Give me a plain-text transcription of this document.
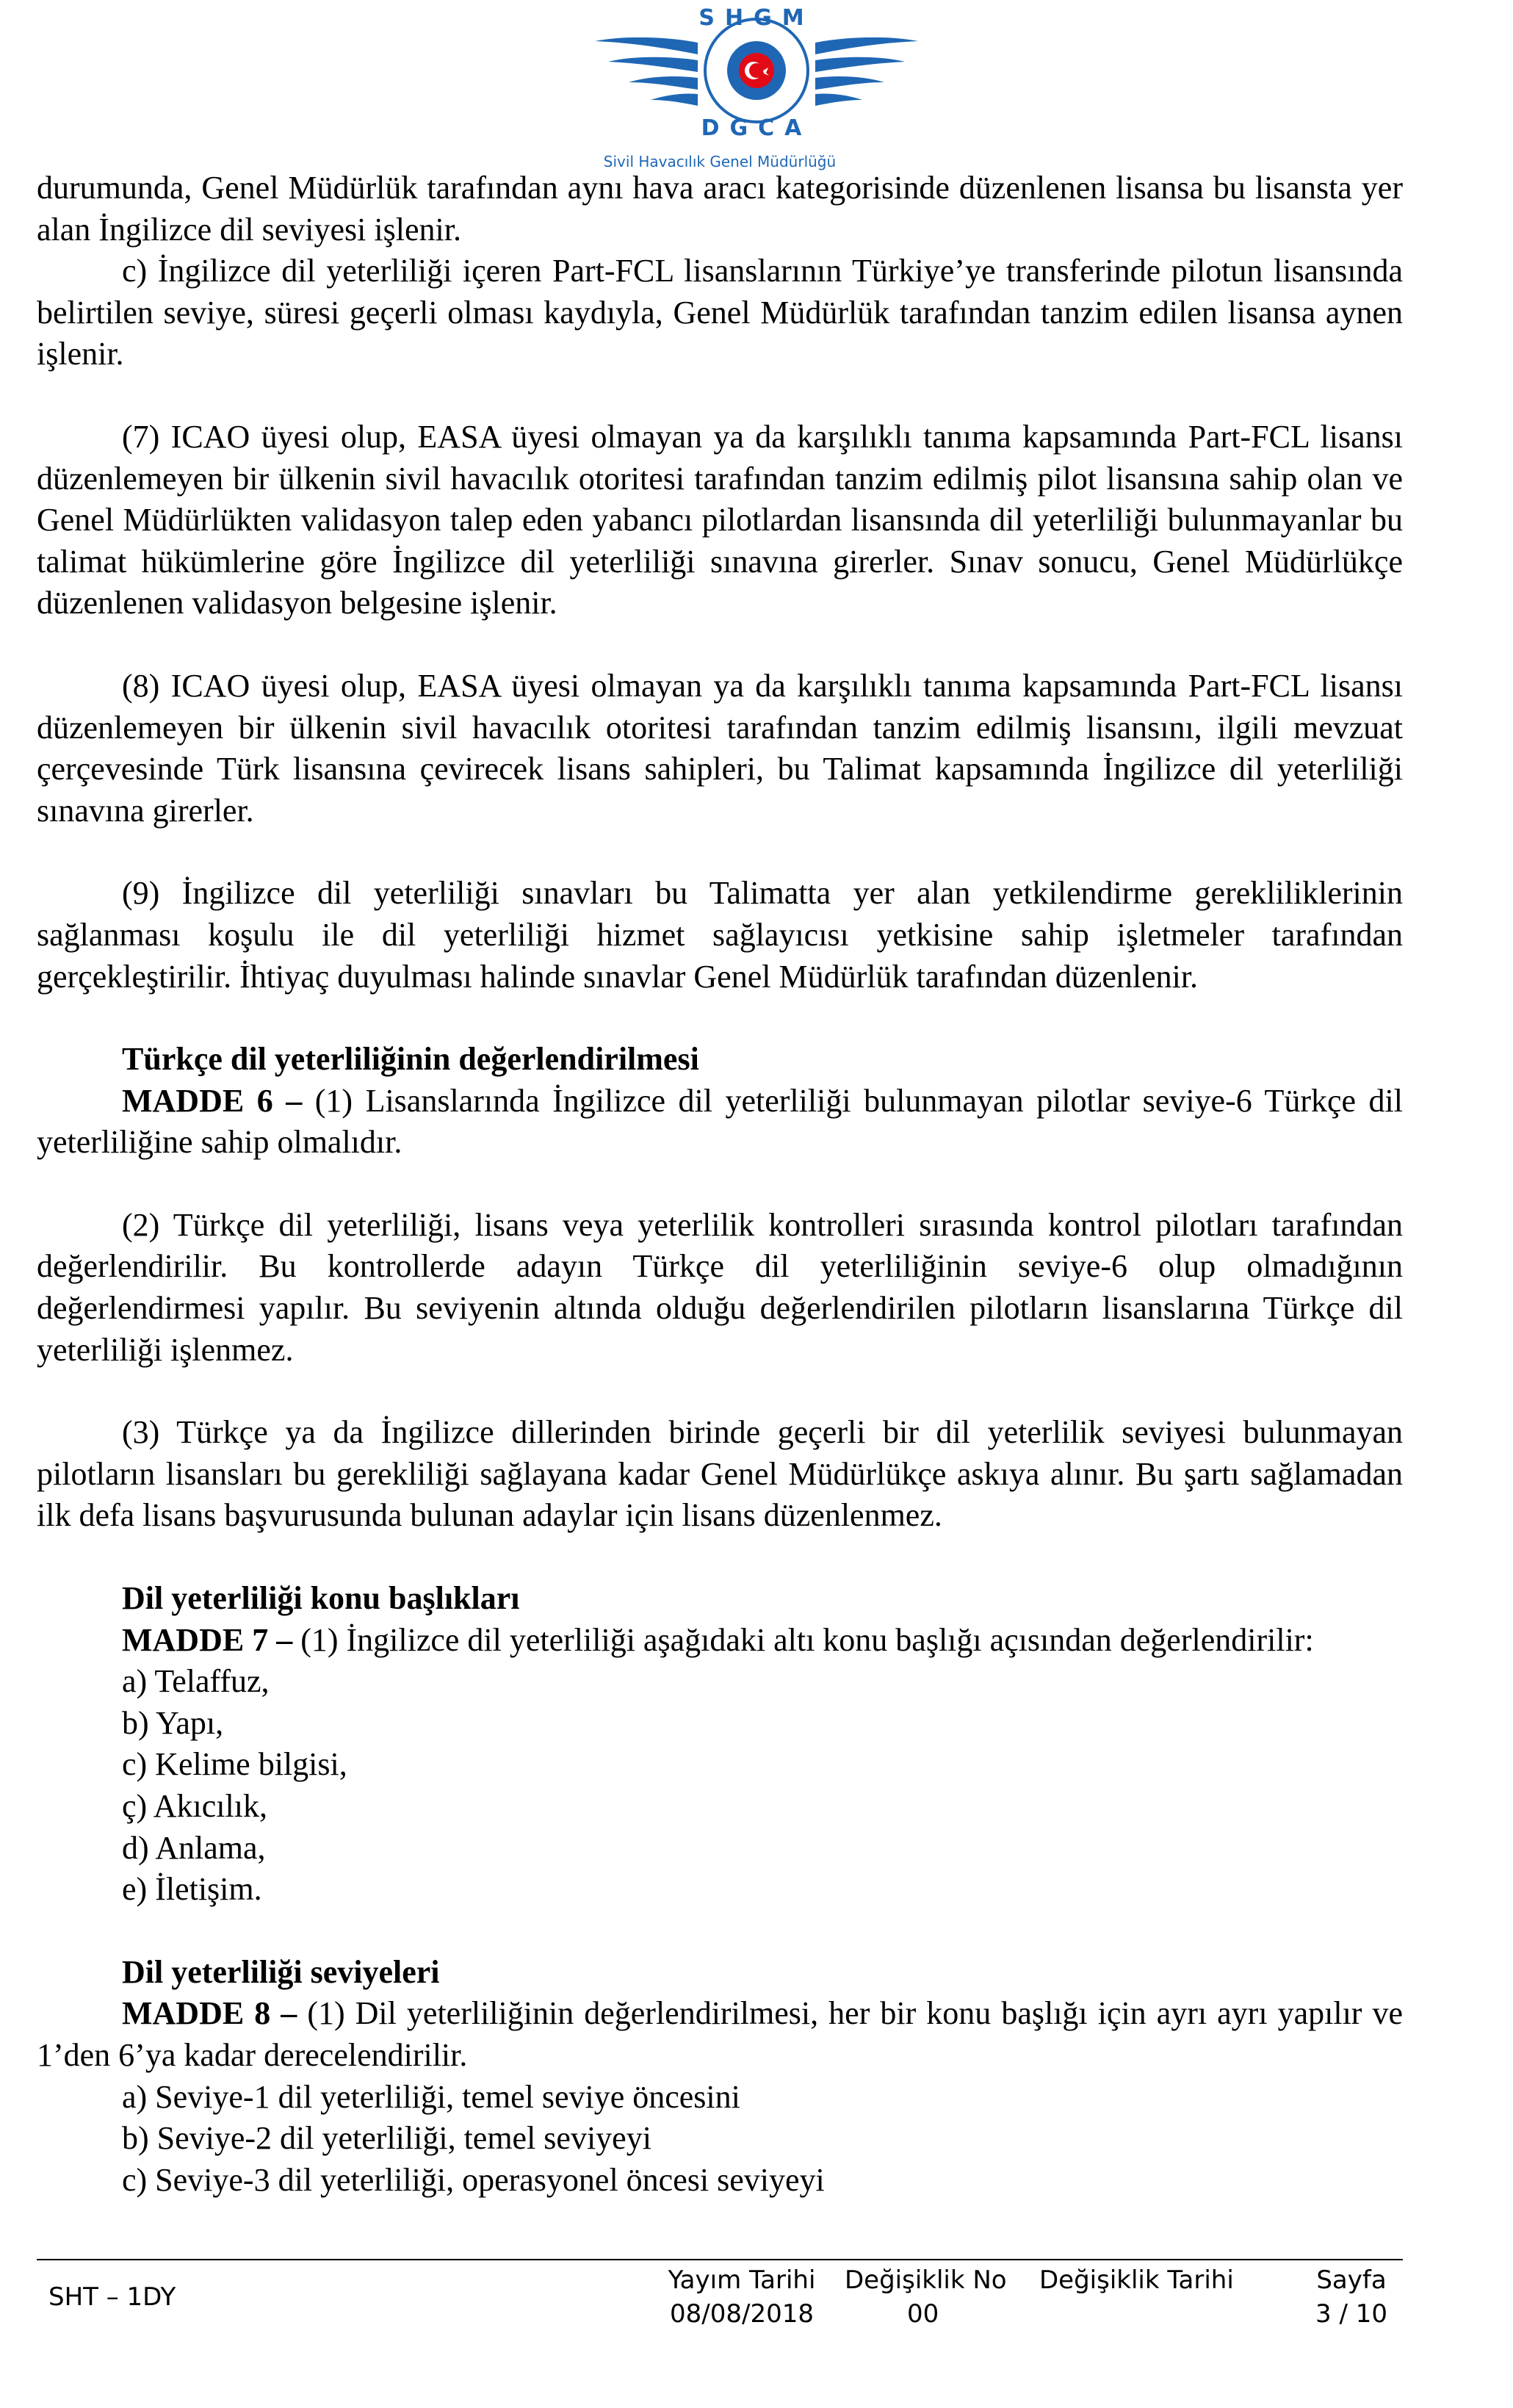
SHGM
DGCA
Sivil Havacılık Genel Müdürlüğü

durumunda, Genel Müdürlük tarafından aynı hava aracı kategorisinde düzenlenen lisansa bu lisansta yer alan İngilizce dil seviyesi işlenir.

c) İngilizce dil yeterliliği içeren Part-FCL lisanslarının Türkiye’ye transferinde pilotun lisansında belirtilen seviye, süresi geçerli olması kaydıyla, Genel Müdürlük tarafından tanzim edilen lisansa aynen işlenir.

(7) ICAO üyesi olup, EASA üyesi olmayan ya da karşılıklı tanıma kapsamında Part-FCL lisansı düzenlemeyen bir ülkenin sivil havacılık otoritesi tarafından tanzim edilmiş pilot lisansına sahip olan ve Genel Müdürlükten validasyon talep eden yabancı pilotlardan lisansında dil yeterliliği bulunmayanlar bu talimat hükümlerine göre İngilizce dil yeterliliği sınavına girerler. Sınav sonucu, Genel Müdürlükçe düzenlenen validasyon belgesine işlenir.

(8) ICAO üyesi olup, EASA üyesi olmayan ya da karşılıklı tanıma kapsamında Part-FCL lisansı düzenlemeyen bir ülkenin sivil havacılık otoritesi tarafından tanzim edilmiş lisansını, ilgili mevzuat çerçevesinde Türk lisansına çevirecek lisans sahipleri, bu Talimat kapsamında İngilizce dil yeterliliği sınavına girerler.

(9) İngilizce dil yeterliliği sınavları bu Talimatta yer alan yetkilendirme gerekliliklerinin sağlanması koşulu ile dil yeterliliği hizmet sağlayıcısı yetkisine sahip işletmeler tarafından gerçekleştirilir. İhtiyaç duyulması halinde sınavlar Genel Müdürlük tarafından düzenlenir.

Türkçe dil yeterliliğinin değerlendirilmesi

MADDE 6 – (1) Lisanslarında İngilizce dil yeterliliği bulunmayan pilotlar seviye-6 Türkçe dil yeterliliğine sahip olmalıdır.

(2) Türkçe dil yeterliliği, lisans veya yeterlilik kontrolleri sırasında kontrol pilotları tarafından değerlendirilir. Bu kontrollerde adayın Türkçe dil yeterliliğinin seviye-6 olup olmadığının değerlendirmesi yapılır. Bu seviyenin altında olduğu değerlendirilen pilotların lisanslarına Türkçe dil yeterliliği işlenmez.

(3) Türkçe ya da İngilizce dillerinden birinde geçerli bir dil yeterlilik seviyesi bulunmayan pilotların lisansları bu gerekliliği sağlayana kadar Genel Müdürlükçe askıya alınır. Bu şartı sağlamadan ilk defa lisans başvurusunda bulunan adaylar için lisans düzenlenmez.

Dil yeterliliği konu başlıkları

MADDE 7 – (1) İngilizce dil yeterliliği aşağıdaki altı konu başlığı açısından değerlendirilir:

a) Telaffuz,

b) Yapı,

c) Kelime bilgisi,

ç) Akıcılık,

d) Anlama,

e) İletişim.

Dil yeterliliği seviyeleri

MADDE 8 – (1) Dil yeterliliğinin değerlendirilmesi, her bir konu başlığı için ayrı ayrı yapılır ve 1’den 6’ya kadar derecelendirilir.

a) Seviye-1 dil yeterliliği, temel seviye öncesini

b) Seviye-2 dil yeterliliği, temel seviyeyi

c) Seviye-3 dil yeterliliği, operasyonel öncesi seviyeyi

SHT – 1DY
Yayım Tarihi
08/08/2018
Değişiklik No
00
Değişiklik Tarihi	Sayfa
3 / 10
